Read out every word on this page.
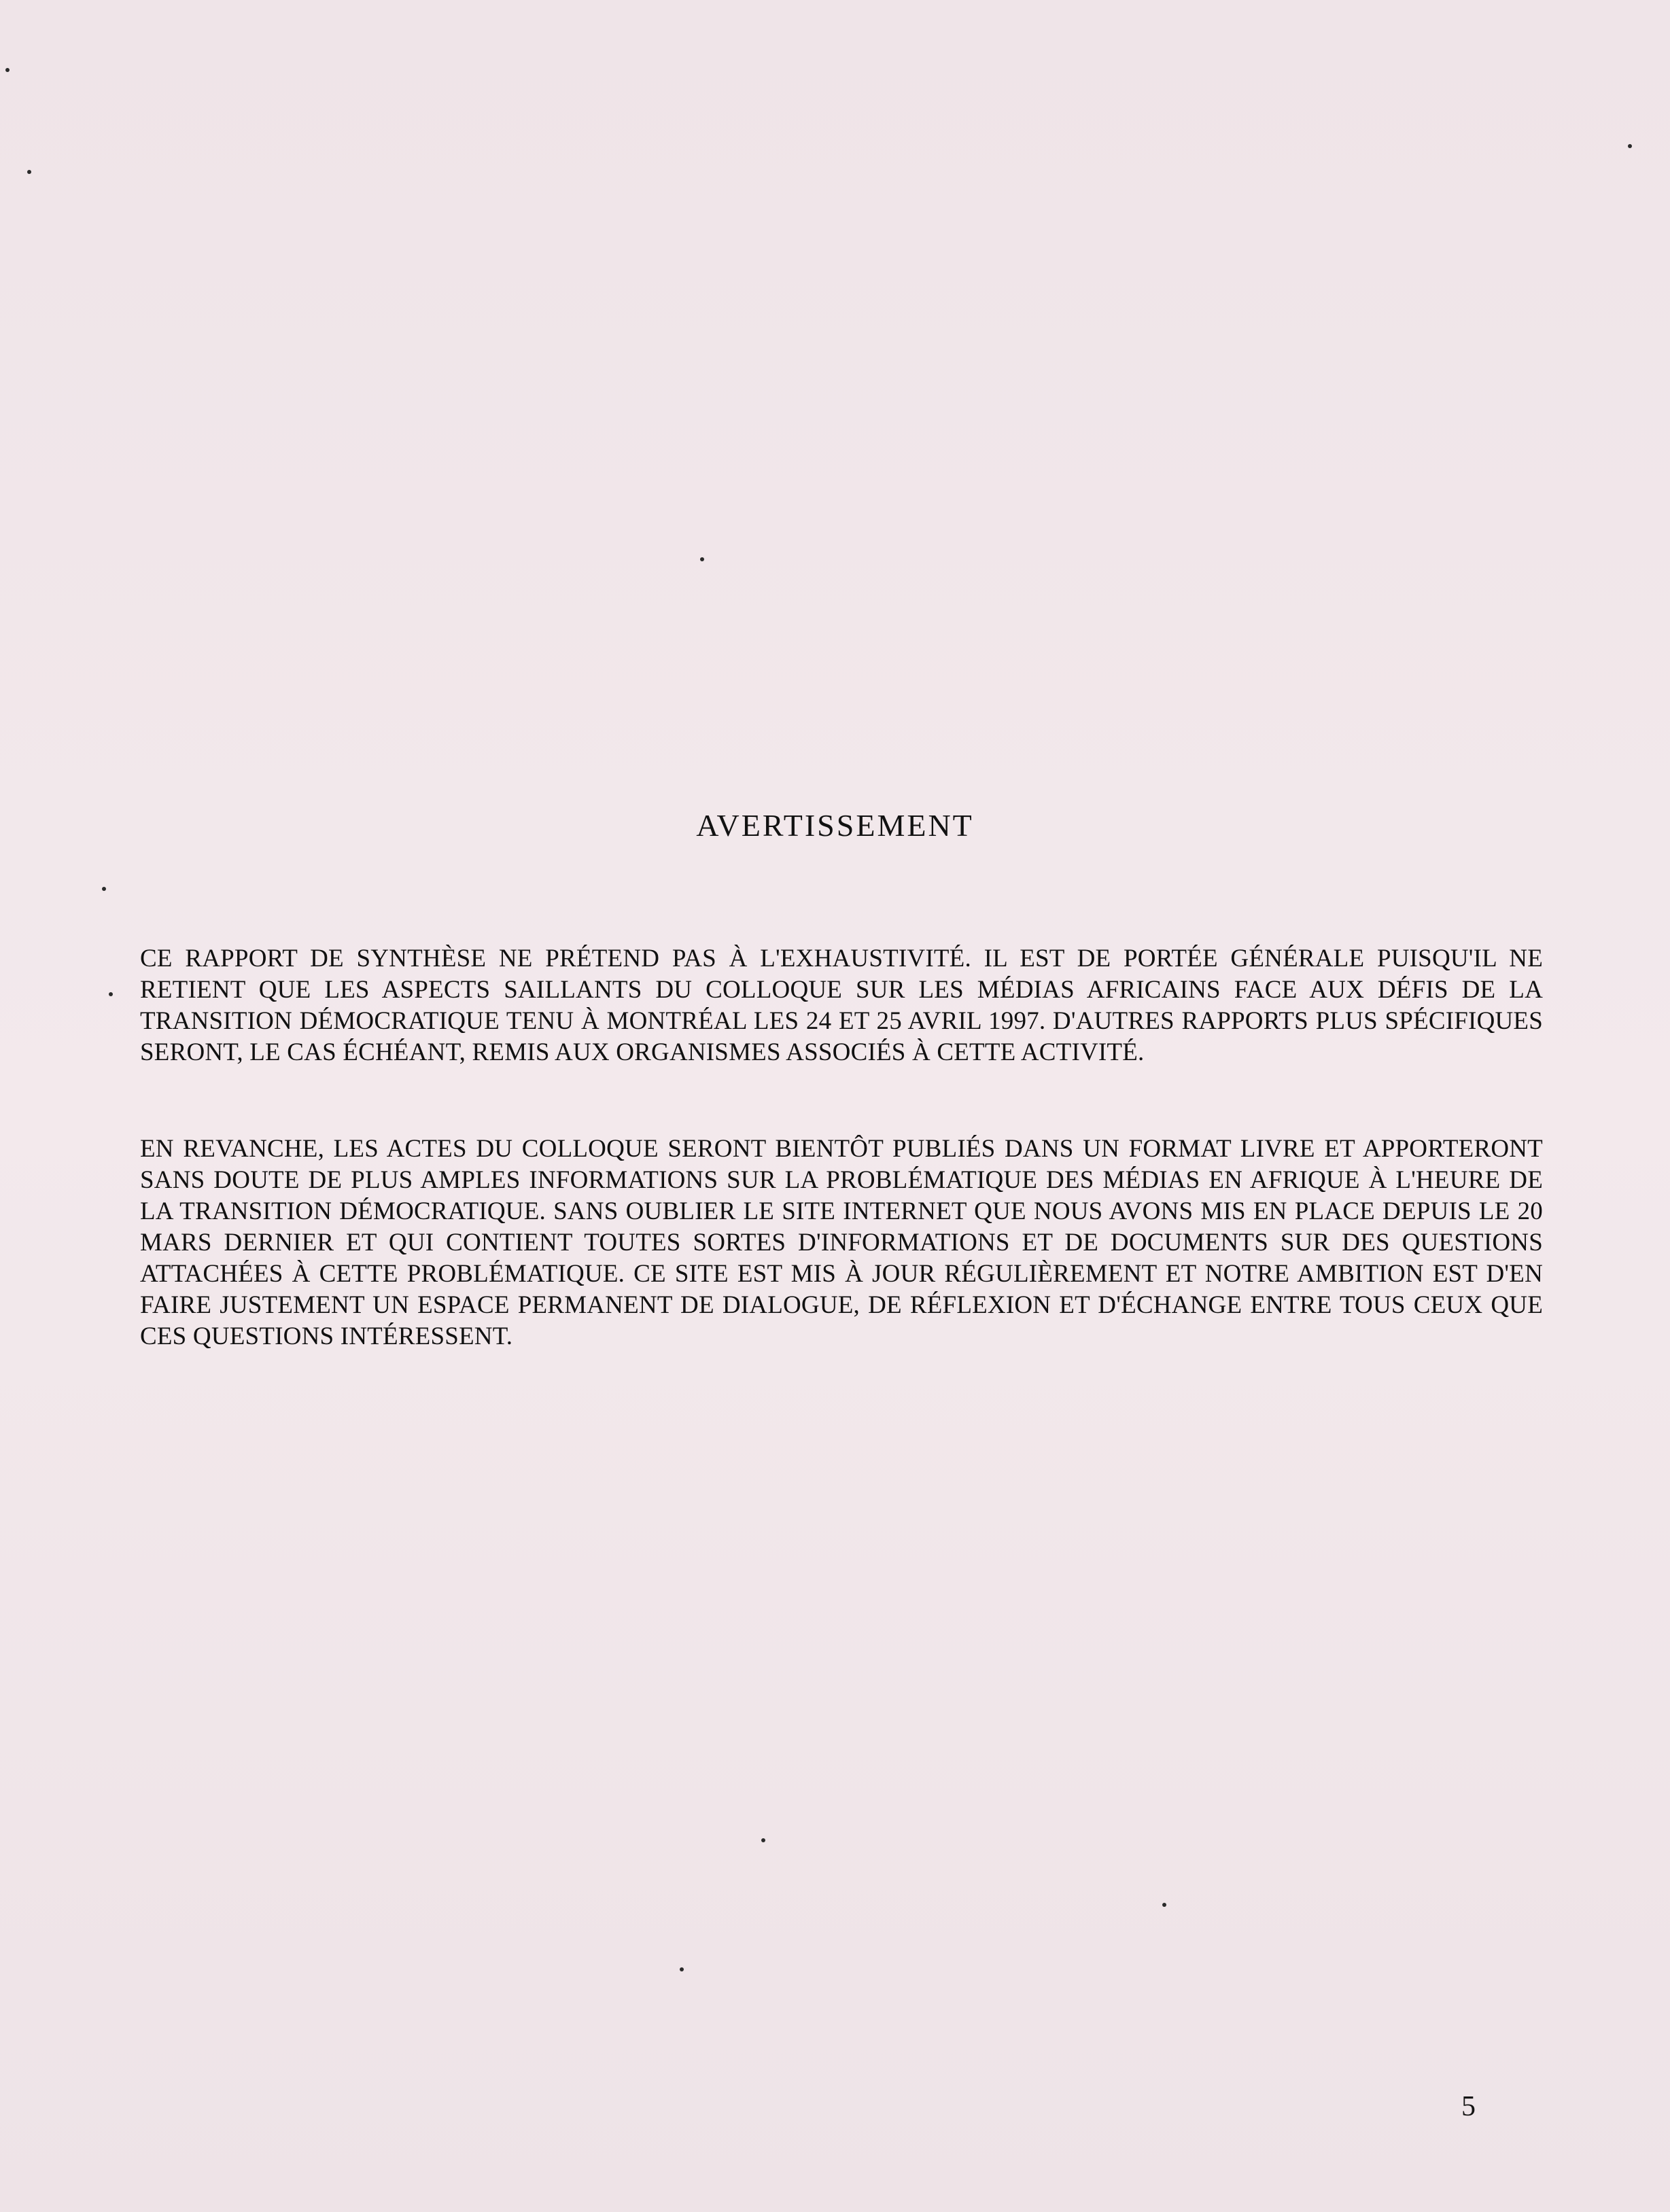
AVERTISSEMENT
CE RAPPORT DE SYNTHÈSE NE PRÉTEND PAS À L'EXHAUSTIVITÉ. IL EST DE PORTÉE GÉNÉRALE PUISQU'IL NE RETIENT QUE LES ASPECTS SAILLANTS DU COLLOQUE SUR LES MÉDIAS AFRICAINS FACE AUX DÉFIS DE LA TRANSITION DÉMOCRATIQUE TENU À MONTRÉAL LES 24 ET 25 AVRIL 1997. D'AUTRES RAPPORTS PLUS SPÉCIFIQUES SERONT, LE CAS ÉCHÉANT, REMIS AUX ORGANISMES ASSOCIÉS À CETTE ACTIVITÉ.
EN REVANCHE, LES ACTES DU COLLOQUE SERONT BIENTÔT PUBLIÉS DANS UN FORMAT LIVRE ET APPORTERONT SANS DOUTE DE PLUS AMPLES INFORMATIONS SUR LA PROBLÉMATIQUE DES MÉDIAS EN AFRIQUE À L'HEURE DE LA TRANSITION DÉMOCRATIQUE. SANS OUBLIER LE SITE INTERNET QUE NOUS AVONS MIS EN PLACE DEPUIS LE 20 MARS DERNIER ET QUI CONTIENT TOUTES SORTES D'INFORMATIONS ET DE DOCUMENTS SUR DES QUESTIONS ATTACHÉES À CETTE PROBLÉMATIQUE. CE SITE EST MIS À JOUR RÉGULIÈREMENT ET NOTRE AMBITION EST D'EN FAIRE JUSTEMENT UN ESPACE PERMANENT DE DIALOGUE, DE RÉFLEXION ET D'ÉCHANGE ENTRE TOUS CEUX QUE CES QUESTIONS INTÉRESSENT.
5
